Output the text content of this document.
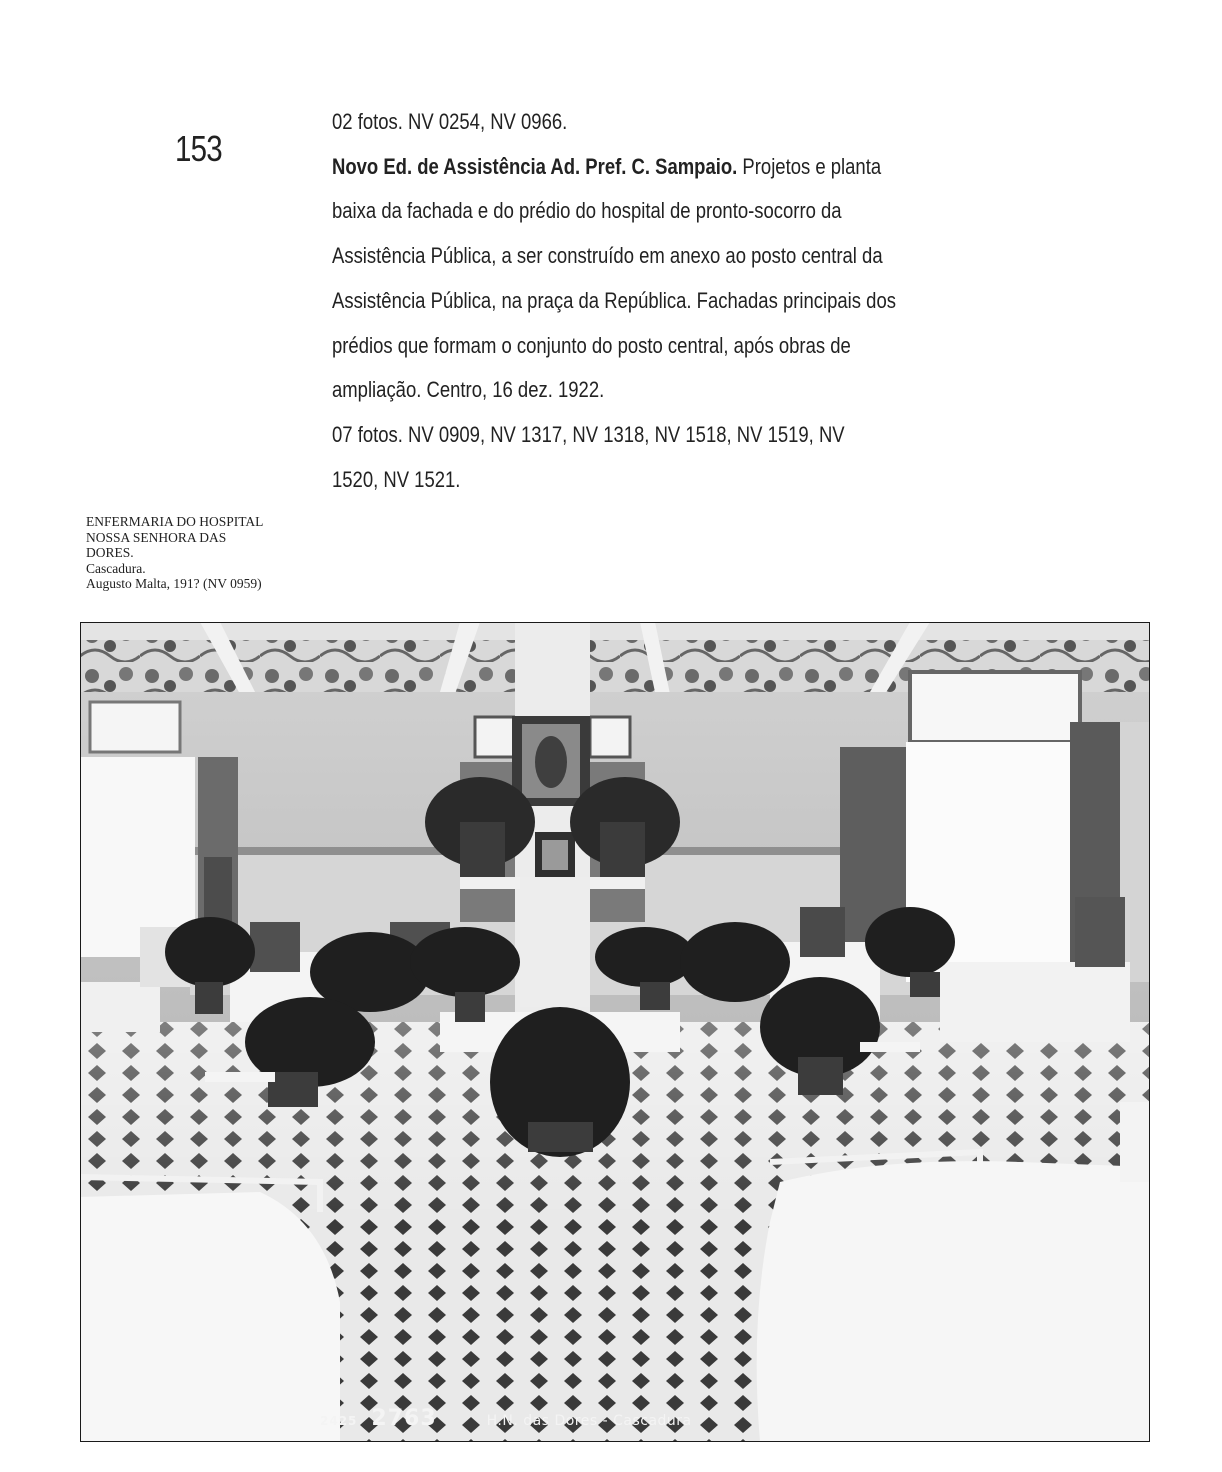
153
02 fotos. NV 0254, NV 0966.
Novo Ed. de Assistência Ad. Pref. C. Sampaio. Projetos e planta
baixa da fachada e do prédio do hospital de pronto-socorro da
Assistência Pública, a ser construído em anexo ao posto central da
Assistência Pública, na praça da República. Fachadas principais dos
prédios que formam o conjunto do posto central, após obras de
ampliação. Centro, 16 dez. 1922.
07 fotos. NV 0909, NV 1317, NV 1318, NV 1518, NV 1519, NV
1520, NV 1521.
ENFERMARIA DO HOSPITAL
NOSSA SENHORA DAS
DORES.
Cascadura.
Augusto Malta, 191? (NV 0959)
2425 2763	H.N. das Dores - Cascadura
